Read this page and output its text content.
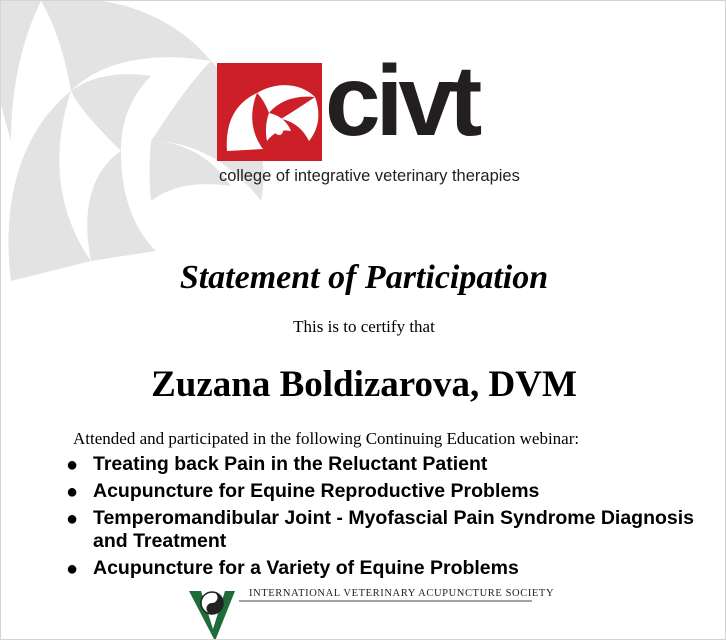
civt
college of integrative veterinary therapies
Statement of Participation
This is to certify that
Zuzana Boldizarova, DVM
Attended and participated in the following Continuing Education webinar:
● Treating back Pain in the Reluctant Patient
● Acupuncture for Equine Reproductive Problems
● Temperomandibular Joint - Myofascial Pain Syndrome Diagnosis and Treatment
● Acupuncture for a Variety of Equine Problems
INTERNATIONAL VETERINARY ACUPUNCTURE SOCIETY
